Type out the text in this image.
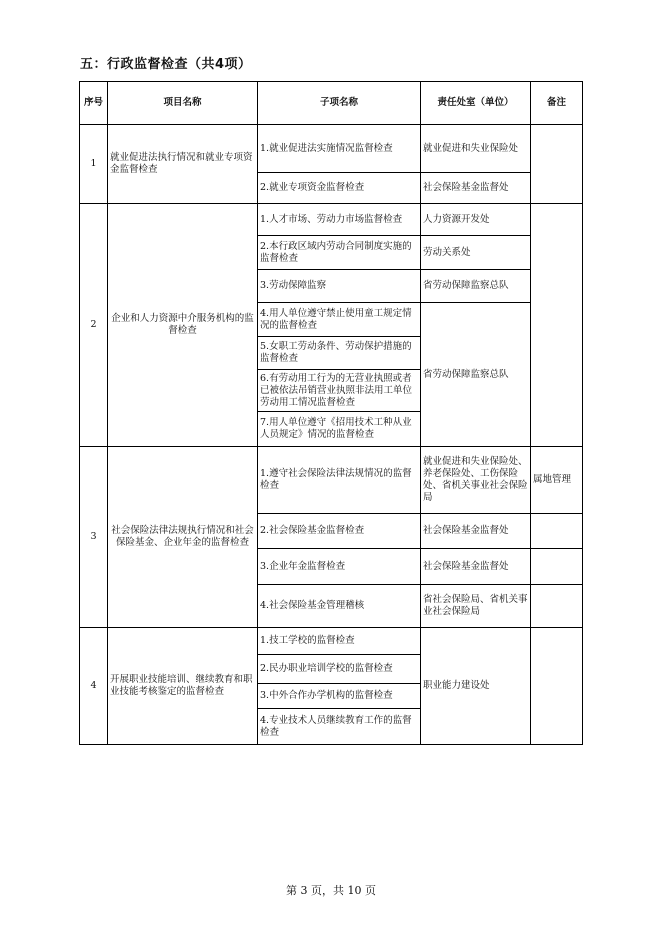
五：行政监督检查（共4项）
序号	项目名称	子项名称	责任处室（单位）	备注
1	就业促进法执行情况和就业专项资金监督检查	1.就业促进法实施情况监督检查	就业促进和失业保险处	
		2.就业专项资金监督检查	社会保险基金监督处	
2	企业和人力资源中介服务机构的监督检查	1.人才市场、劳动力市场监督检查	人力资源开发处	
		2.本行政区域内劳动合同制度实施的监督检查	劳动关系处	
		3.劳动保障监察	省劳动保障监察总队	
		4.用人单位遵守禁止使用童工规定情况的监督检查	省劳动保障监察总队	
		5.女职工劳动条件、劳动保护措施的监督检查		
		6.有劳动用工行为的无营业执照或者已被依法吊销营业执照非法用工单位劳动用工情况监督检查		
		7.用人单位遵守《招用技术工种从业人员规定》情况的监督检查		
3	社会保险法律法规执行情况和社会保险基金、企业年金的监督检查	1.遵守社会保险法律法规情况的监督检查	就业促进和失业保险处、养老保险处、工伤保险处、省机关事业社会保险局	属地管理
		2.社会保险基金监督检查	社会保险基金监督处	
		3.企业年金监督检查	社会保险基金监督处	
		4.社会保险基金管理稽核	省社会保险局、省机关事业社会保险局	
4	开展职业技能培训、继续教育和职业技能考核鉴定的监督检查	1.技工学校的监督检查	职业能力建设处	
		2.民办职业培训学校的监督检查		
		3.中外合作办学机构的监督检查		
		4.专业技术人员继续教育工作的监督检查		
第 3 页，共 10 页
